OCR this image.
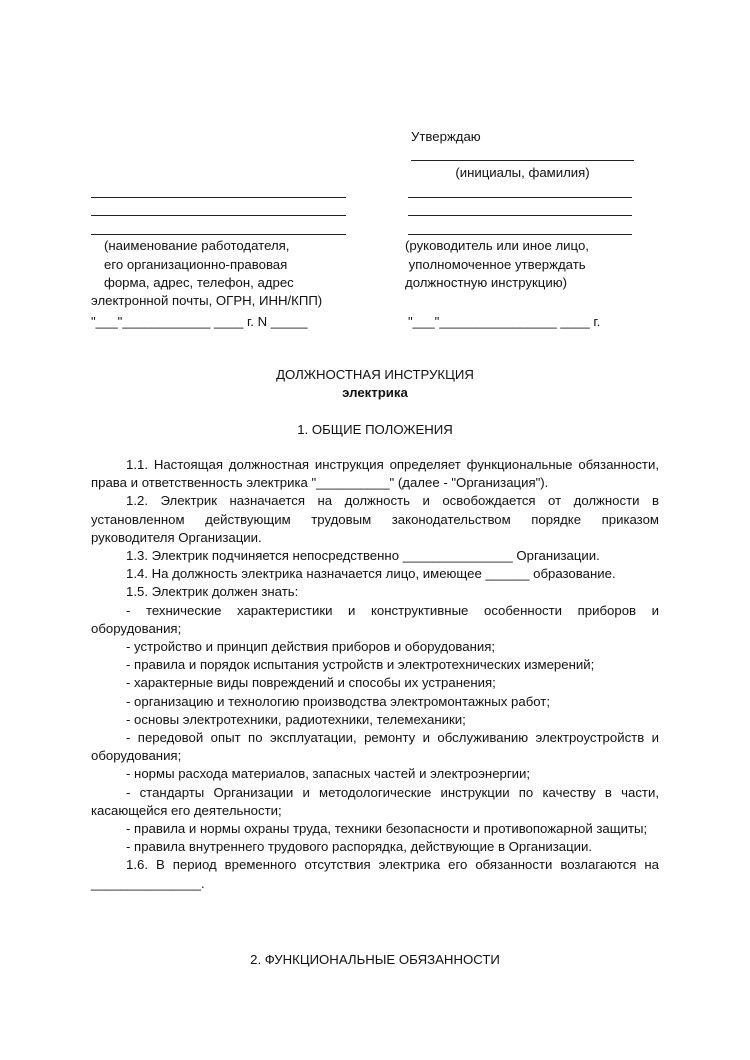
Утверждаю
(инициалы, фамилия)
(наименование работодателя,
его организационно-правовая
форма, адрес, телефон, адрес
электронной почты, ОГРН, ИНН/КПП)
"___"____________ ____ г. N _____
(руководитель или иное лицо,
уполномоченное утверждать
должностную инструкцию)
"___"________________ ____ г.
ДОЛЖНОСТНАЯ ИНСТРУКЦИЯ
электрика
1. ОБЩИЕ ПОЛОЖЕНИЯ

1.1. Настоящая должностная инструкция определяет функциональные обязанности, права и ответственность электрика "__________" (далее - "Организация").

1.2. Электрик назначается на должность и освобождается от должности в установленном действующим трудовым законодательством порядке приказом руководителя Организации.

1.3. Электрик подчиняется непосредственно _______________ Организации.

1.4. На должность электрика назначается лицо, имеющее ______ образование.

1.5. Электрик должен знать:

- технические характеристики и конструктивные особенности приборов и оборудования;

- устройство и принцип действия приборов и оборудования;

- правила и порядок испытания устройств и электротехнических измерений;

- характерные виды повреждений и способы их устранения;

- организацию и технологию производства электромонтажных работ;

- основы электротехники, радиотехники, телемеханики;

- передовой опыт по эксплуатации, ремонту и обслуживанию электроустройств и оборудования;

- нормы расхода материалов, запасных частей и электроэнергии;

- стандарты Организации и методологические инструкции по качеству в части, касающейся его деятельности;

- правила и нормы охраны труда, техники безопасности и противопожарной защиты;

- правила внутреннего трудового распорядка, действующие в Организации.

1.6. В период временного отсутствия электрика его обязанности возлагаются на _______________.

2. ФУНКЦИОНАЛЬНЫЕ ОБЯЗАННОСТИ
